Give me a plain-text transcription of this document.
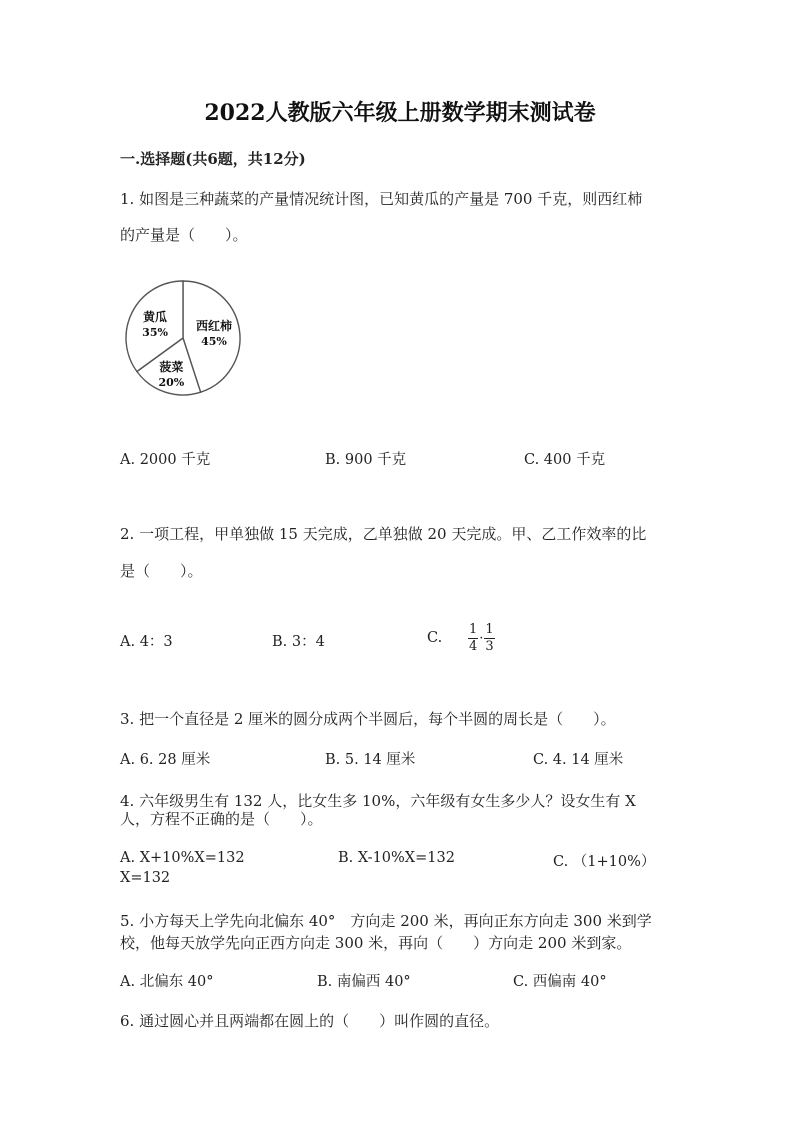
2022人教版六年级上册数学期末测试卷
一.选择题(共6题，共12分)
1. 如图是三种蔬菜的产量情况统计图，已知黄瓜的产量是 700 千克，则西红柿
的产量是（　　）。
西红柿
45%
菠菜
20%
黄瓜
35%
A. 2000 千克	B. 900 千克	C. 400 千克
2. 一项工程，甲单独做 15 天完成，乙单独做 20 天完成。甲、乙工作效率的比
是（　　）。
A. 4：3	B. 3：4	C. $\frac{1}{4} \cdot \frac{1}{3}$
3. 把一个直径是 2 厘米的圆分成两个半圆后，每个半圆的周长是（　　）。
A. 6. 28 厘米	B. 5. 14 厘米	C. 4. 14 厘米
4. 六年级男生有 132 人，比女生多 10%，六年级有女生多少人？设女生有 X
人，方程不正确的是（　　）。
A. X+10%X=132	B. X-10%X=132	C. （1+10%）
X=132
5. 小方每天上学先向北偏东 40°　方向走 200 米，再向正东方向走 300 米到学
校，他每天放学先向正西方向走 300 米，再向（　　）方向走 200 米到家。
A. 北偏东 40°	B. 南偏西 40°	C. 西偏南 40°
6. 通过圆心并且两端都在圆上的（　　）叫作圆的直径。
